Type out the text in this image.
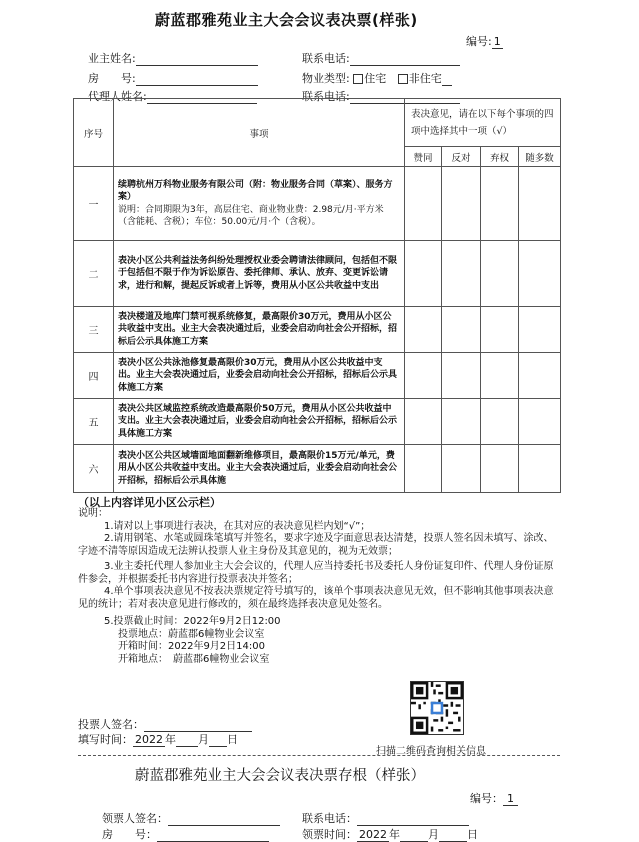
蔚蓝郡雅苑业主大会会议表决票(样张)
编号: 1
业主姓名:	联系电话:
房　　号:	物业类型: 住宅 非住宅
代理人姓名:	联系电话:
序号	事项	表决意见，请在以下每个事项的四项中选择其中一项（√）			
		赞同	反对	弃权	随多数
一	续聘杭州万科物业服务有限公司（附：物业服务合同（草案）、服务方案）
说明：合同期限为3年，高层住宅、商业物业费：2.98元/月·平方米（含能耗、含税）；车位：50.00元/月·个（含税）。				
二	表决小区公共利益法务纠纷处理授权业委会聘请法律顾问，包括但不限于包括但不限于作为诉讼原告、委托律师、承认、放弃、变更诉讼请求，进行和解，提起反诉或者上诉等，费用从小区公共收益中支出				
三	表决楼道及地库门禁可视系统修复，最高限价30万元，费用从小区公共收益中支出。业主大会表决通过后，业委会启动向社会公开招标，招标后公示具体施工方案				
四	表决小区公共泳池修复最高限价30万元，费用从小区公共收益中支出。业主大会表决通过后，业委会启动向社会公开招标，招标后公示具体施工方案				
五	表决公共区域监控系统改造最高限价50万元，费用从小区公共收益中支出。业主大会表决通过后，业委会启动向社会公开招标，招标后公示具体施工方案				
六	表决小区公共区域墙面地面翻新维修项目，最高限价15万元/单元，费用从小区公共收益中支出。业主大会表决通过后，业委会启动向社会公开招标，招标后公示具体施				
（以上内容详见小区公示栏）
说明：
1.请对以上事项进行表决，在其对应的表决意见栏内划“√”；
2.请用钢笔、水笔或圆珠笔填写并签名，要求字迹及字面意思表达清楚，投票人签名因未填写、涂改、字迹不清等原因造成无法辨认投票人业主身份及其意见的，视为无效票；
3.业主委托代理人参加业主大会会议的，代理人应当持委托书及委托人身份证复印件、代理人身份证原件参会，并根据委托书内容进行投票表决并签名；
4.单个事项表决意见不按表决票规定符号填写的，该单个事项表决意见无效，但不影响其他事项表决意见的统计；若对表决意见进行修改的，须在最终选择表决意见处签名。
5.投票截止时间：2022年9月2日12:00
投票地点：蔚蓝郡6幢物业会议室
开箱时间：2022年9月2日14:00
开箱地点：　蔚蓝郡6幢物业会议室
扫描二维码查询相关信息
投票人签名：
填写时间： 2022 年 月 日
蔚蓝郡雅苑业主大会会议表决票存根（样张）
编号： 1
领票人签名：	联系电话：
房　　号：	领票时间： 2022 年	月	日
